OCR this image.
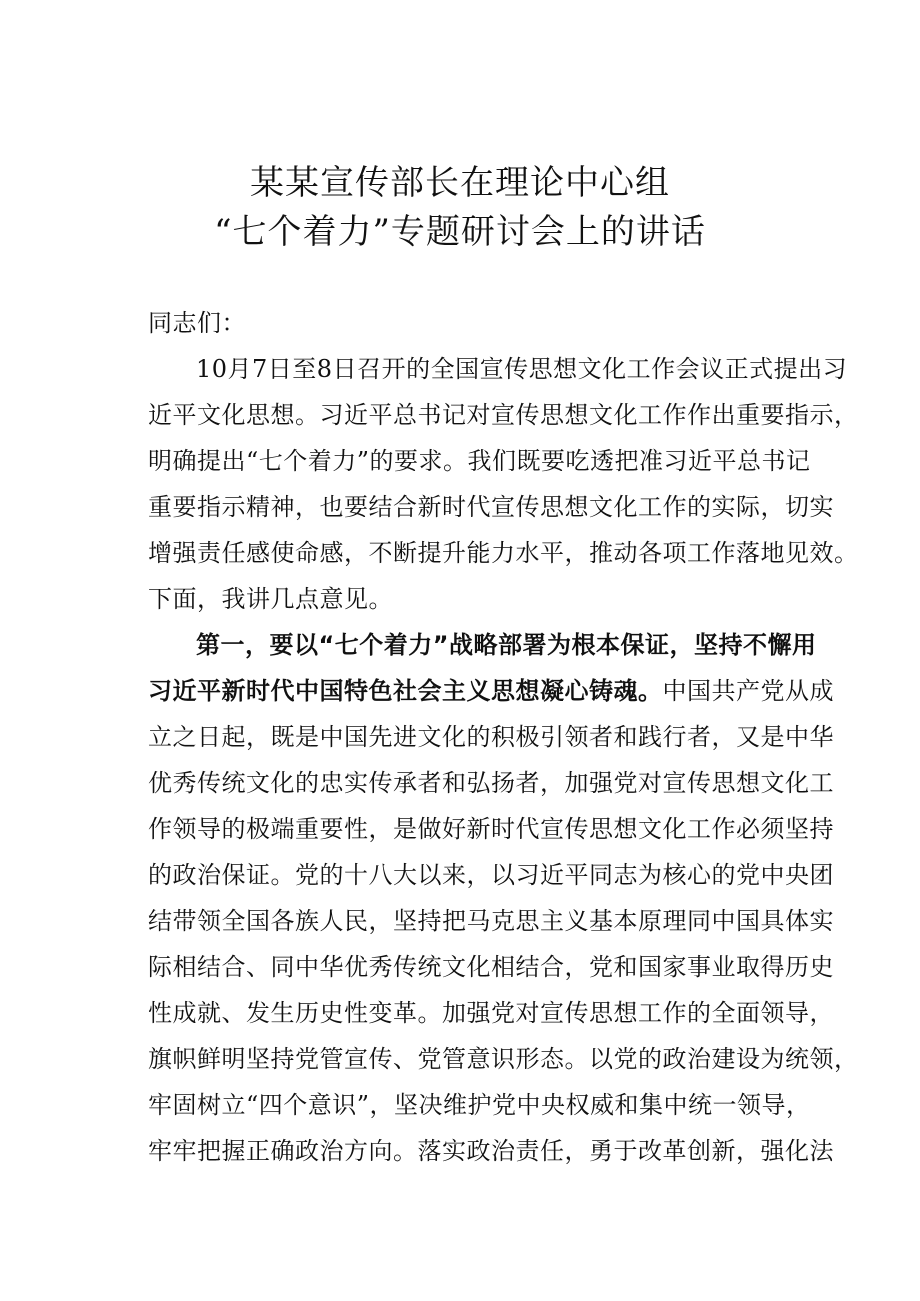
某某宣传部长在理论中心组
“七个着力”专题研讨会上的讲话
同志们：
10月7日至8日召开的全国宣传思想文化工作会议正式提出习
近平文化思想。习近平总书记对宣传思想文化工作作出重要指示，
明确提出“七个着力”的要求。我们既要吃透把准习近平总书记
重要指示精神，也要结合新时代宣传思想文化工作的实际，切实
增强责任感使命感，不断提升能力水平，推动各项工作落地见效。
下面，我讲几点意见。
第一，要以“七个着力”战略部署为根本保证，坚持不懈用
习近平新时代中国特色社会主义思想凝心铸魂。中国共产党从成
立之日起，既是中国先进文化的积极引领者和践行者，又是中华
优秀传统文化的忠实传承者和弘扬者，加强党对宣传思想文化工
作领导的极端重要性，是做好新时代宣传思想文化工作必须坚持
的政治保证。党的十八大以来，以习近平同志为核心的党中央团
结带领全国各族人民，坚持把马克思主义基本原理同中国具体实
际相结合、同中华优秀传统文化相结合，党和国家事业取得历史
性成就、发生历史性变革。加强党对宣传思想工作的全面领导，
旗帜鲜明坚持党管宣传、党管意识形态。以党的政治建设为统领，
牢固树立“四个意识”，坚决维护党中央权威和集中统一领导，
牢牢把握正确政治方向。落实政治责任，勇于改革创新，强化法
